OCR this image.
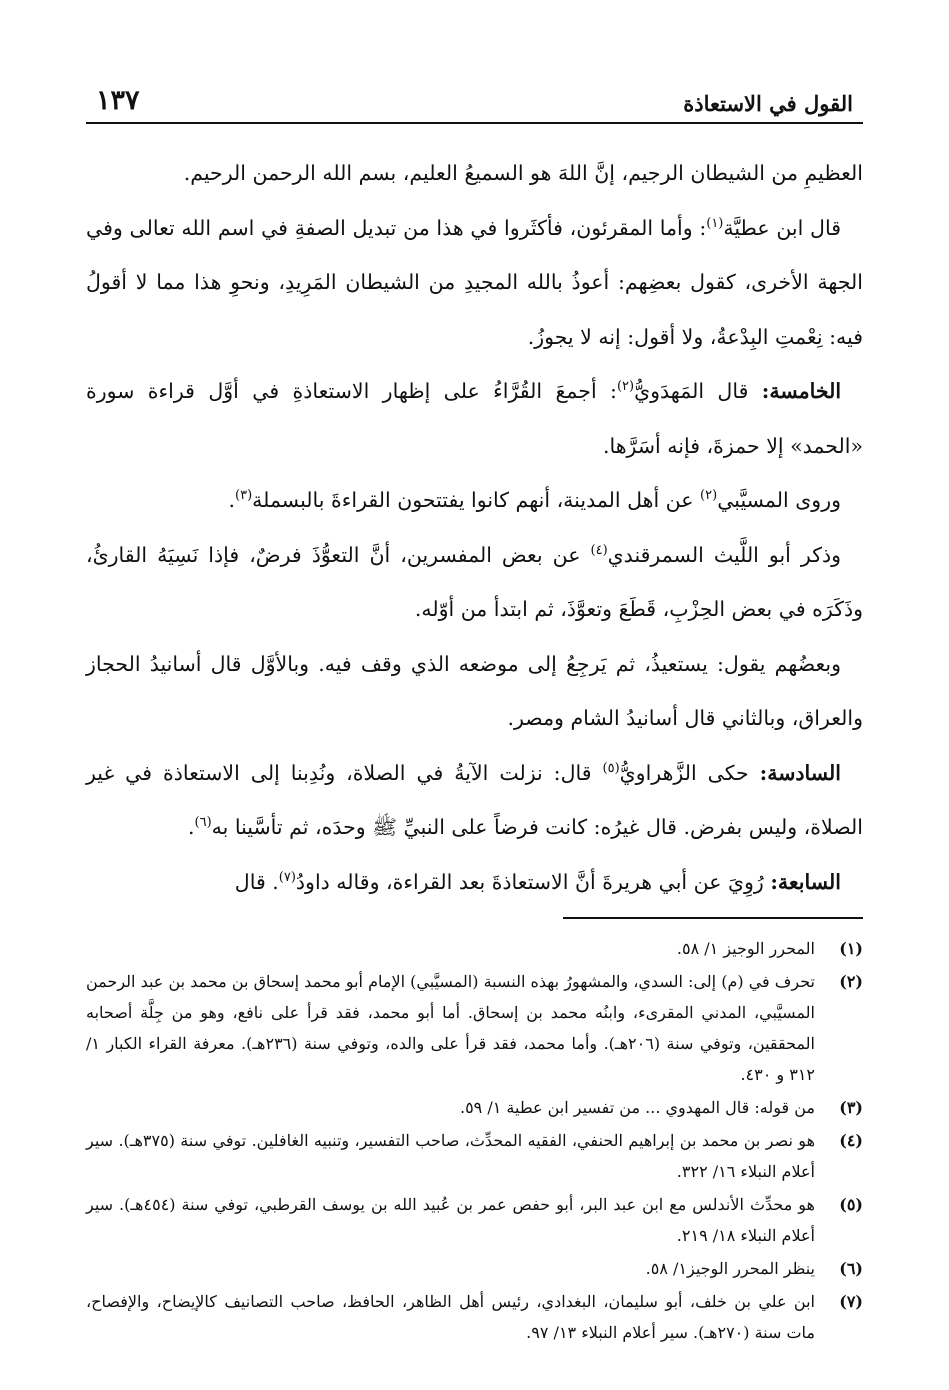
القول في الاستعاذة
١٣٧

العظيمِ من الشيطان الرجيم، إنَّ اللهَ هو السميعُ العليم، بسم الله الرحمن الرحيم.

قال ابن عطيَّة$^{(١)}$: وأما المقرئون، فأكثَروا في هذا من تبديل الصفةِ في اسم الله تعالى وفي الجهة الأخرى، كقول بعضِهم: أعوذُ بالله المجيدِ من الشيطان المَرِيدِ، ونحوِ هذا مما لا أقولُ فيه: نِعْمتِ البِدْعةُ، ولا أقول: إنه لا يجوزُ.

الخامسة: قال المَهدَويُّ$^{(٢)}$: أجمعَ القُرَّاءُ على إظهار الاستعاذةِ في أوَّل قراءة سورة «الحمد» إلا حمزةَ، فإنه أسَرَّها.

وروى المسيَّبي$^{(٢)}$ عن أهل المدينة، أنهم كانوا يفتتحون القراءةَ بالبسملة$^{(٣)}$.

وذكر أبو اللَّيث السمرقندي$^{(٤)}$ عن بعض المفسرين، أنَّ التعوُّذَ فرضٌ، فإذا نَسِيَهُ القارئُ، وذَكَرَه في بعض الحِزْبِ، قَطَعَ وتعوَّذَ، ثم ابتدأ من أوّله.

وبعضُهم يقول: يستعيذُ، ثم يَرجِعُ إلى موضعه الذي وقف فيه. وبالأوَّل قال أسانيدُ الحجاز والعراق، وبالثاني قال أسانيدُ الشام ومصر.

السادسة: حكى الزَّهراويُّ$^{(٥)}$ قال: نزلت الآيةُ في الصلاة، ونُدِبنا إلى الاستعاذة في غير الصلاة، وليس بفرض. قال غيرُه: كانت فرضاً على النبيِّ ﷺ وحدَه، ثم تأسَّينا به$^{(٦)}$.

السابعة: رُوِيَ عن أبي هريرةَ أنَّ الاستعاذةَ بعد القراءة، وقاله داودُ$^{(٧)}$. قال

(١)
المحرر الوجيز ١/ ٥٨.
(٢)
تحرف في (م) إلى: السدي، والمشهورُ بهذه النسبة (المسيَّبي) الإمام أبو محمد إسحاق بن محمد بن عبد الرحمن المسيَّبي، المدني المقرىء، وابنُه محمد بن إسحاق. أما أبو محمد، فقد قرأ على نافع، وهو من جِلَّة أصحابه المحققين، وتوفي سنة (٢٠٦هـ). وأما محمد، فقد قرأ على والده، وتوفي سنة (٢٣٦هـ). معرفة القراء الكبار ١/ ٣١٢ و ٤٣٠.
(٣)
من قوله: قال المهدوي ... من تفسير ابن عطية ١/ ٥٩.
(٤)
هو نصر بن محمد بن إبراهيم الحنفي، الفقيه المحدِّث، صاحب التفسير، وتنبيه الغافلين. توفي سنة (٣٧٥هـ). سير أعلام النبلاء ١٦/ ٣٢٢.
(٥)
هو محدِّث الأندلس مع ابن عبد البر، أبو حفص عمر بن عُبيد الله بن يوسف القرطبي، توفي سنة (٤٥٤هـ). سير أعلام النبلاء ١٨/ ٢١٩.
(٦)
ينظر المحرر الوجيز١/ ٥٨.
(٧)
ابن علي بن خلف، أبو سليمان، البغدادي، رئيس أهل الظاهر، الحافظ، صاحب التصانيف كالإيضاح، والإفصاح، مات سنة (٢٧٠هـ). سير أعلام النبلاء ١٣/ ٩٧.
